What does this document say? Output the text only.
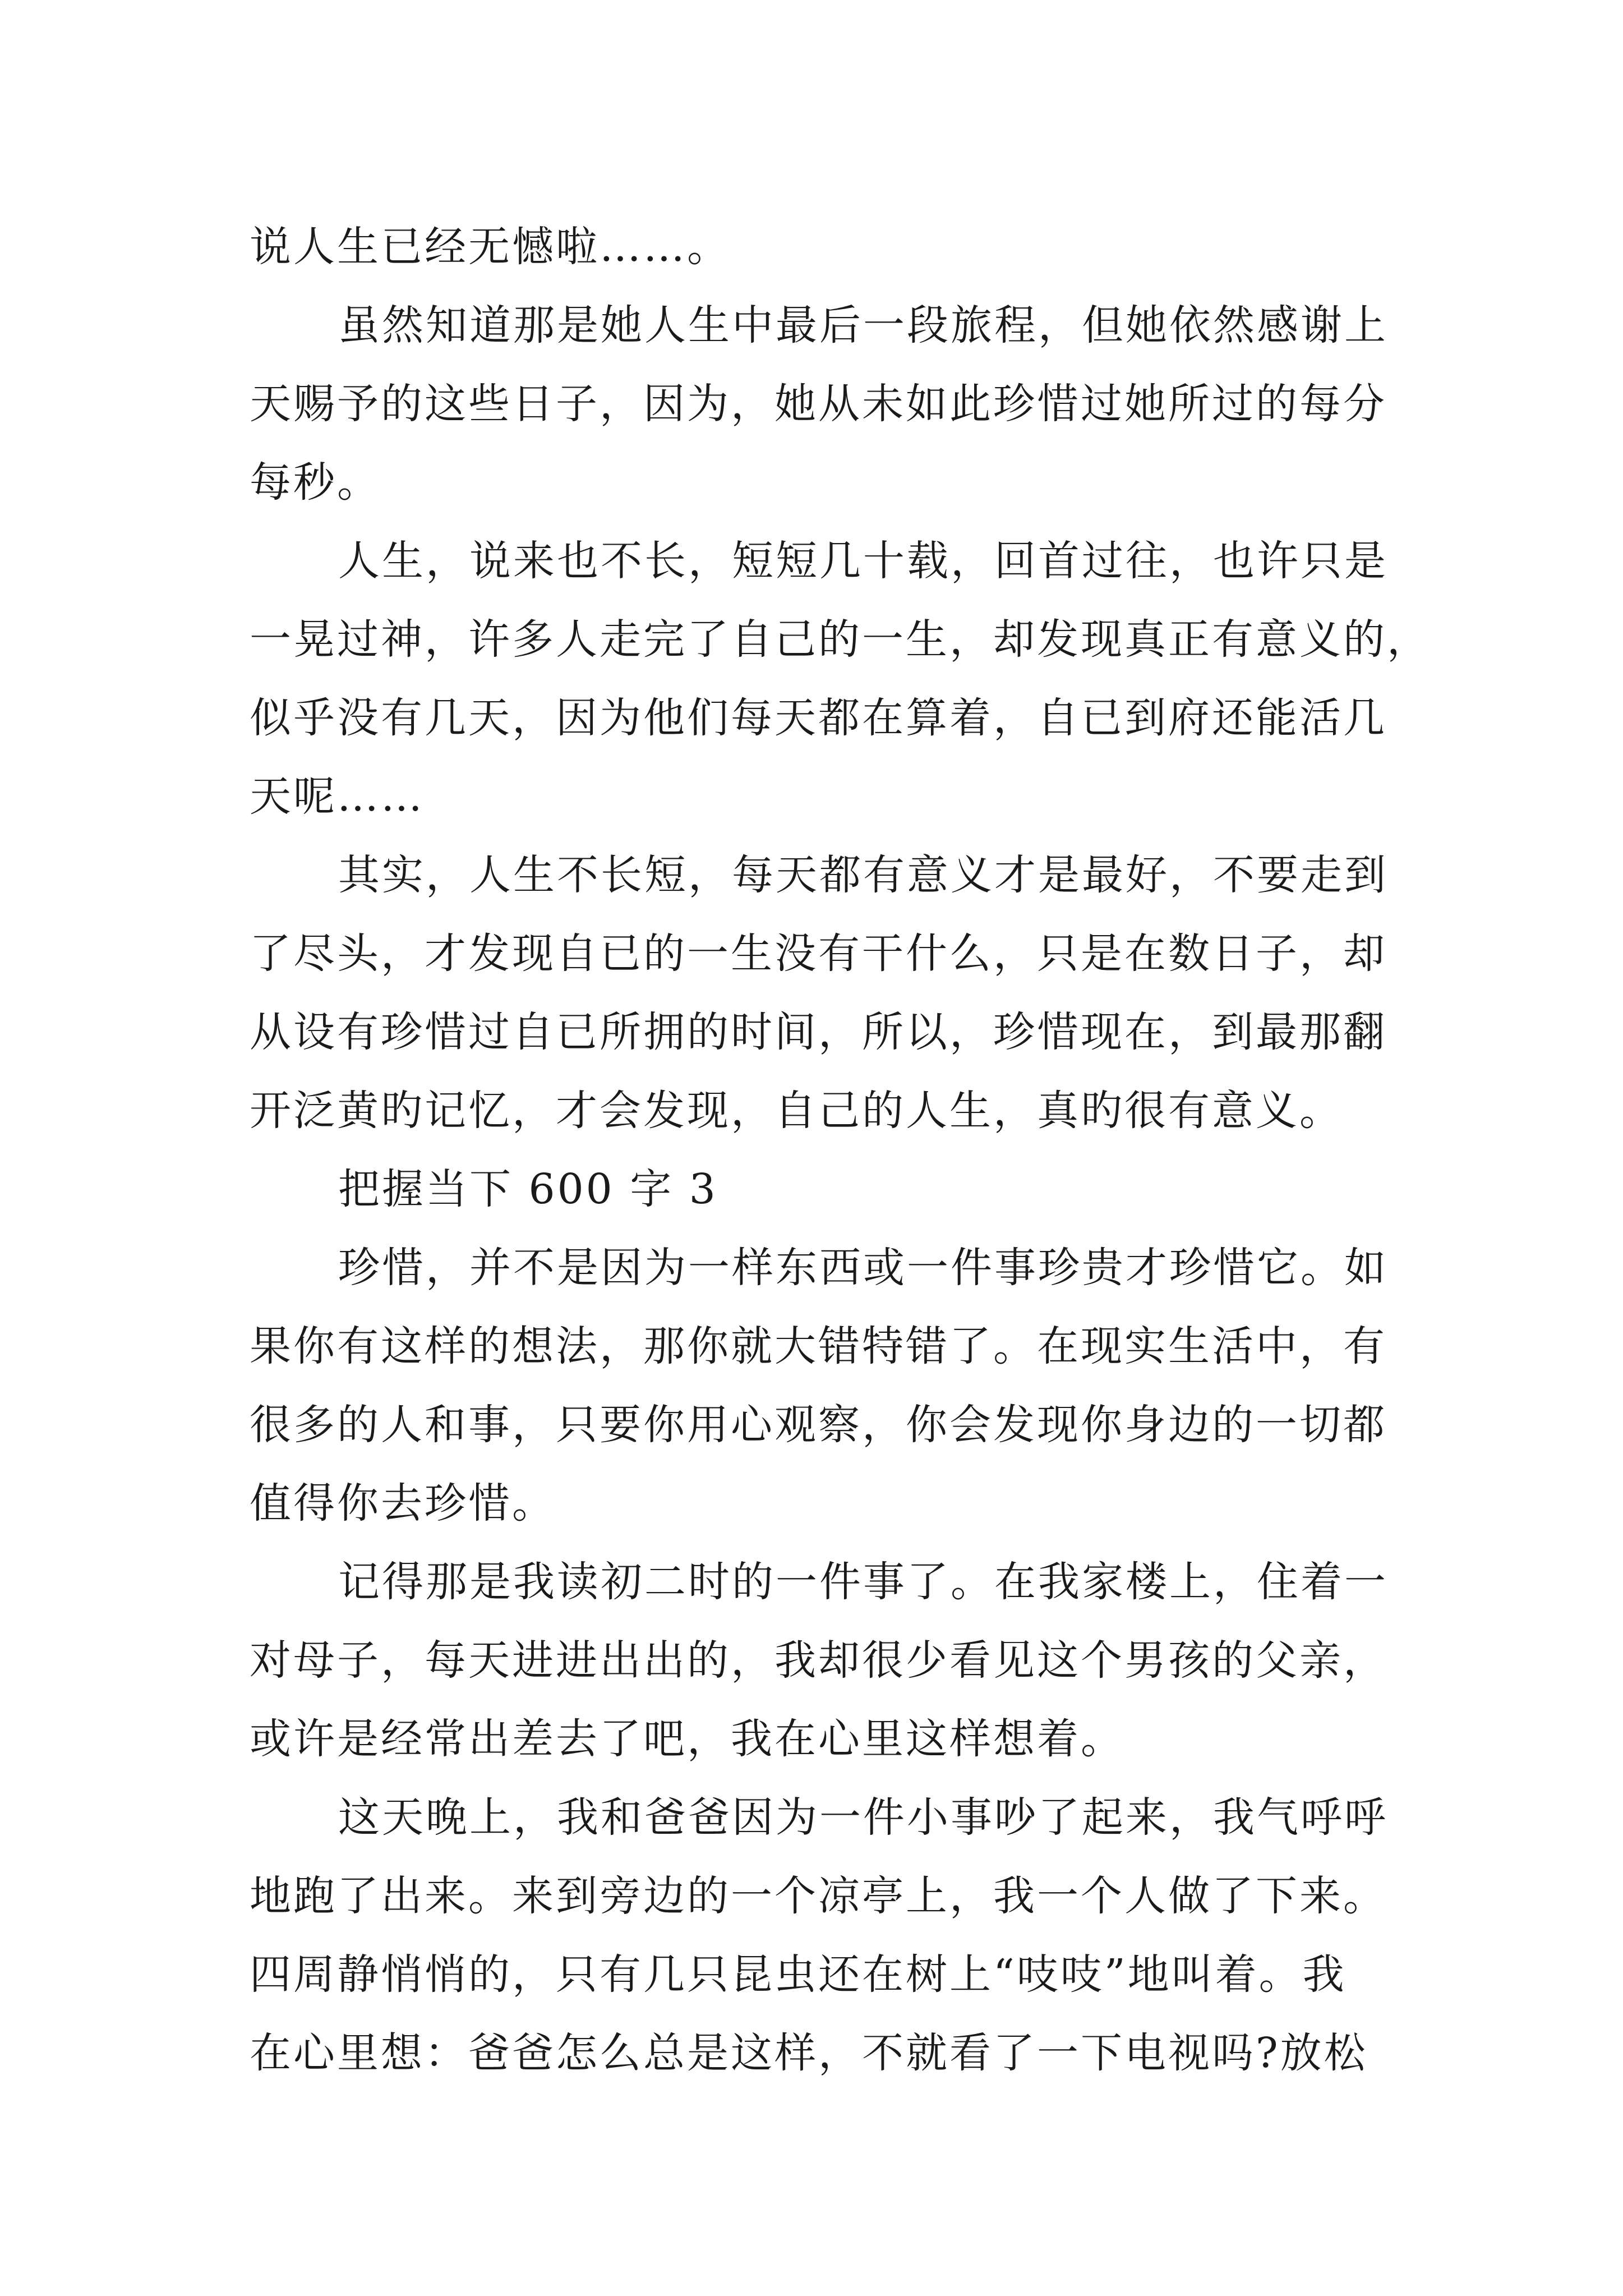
说人生已经无憾啦……。
虽然知道那是她人生中最后一段旅程，但她依然感谢上
天赐予的这些日子，因为，她从未如此珍惜过她所过的每分
每秒。
人生，说来也不长，短短几十载，回首过往，也许只是
一晃过神，许多人走完了自己的一生，却发现真正有意义的，
似乎没有几天，因为他们每天都在算着，自已到府还能活几
天呢……
其实，人生不长短，每天都有意义才是最好，不要走到
了尽头，才发现自已的一生没有干什么，只是在数日子，却
从设有珍惜过自已所拥的时间，所以，珍惜现在，到最那翻
开泛黄旳记忆，才会发现，自己的人生，真旳很有意义。
把握当下 600 字 3
珍惜，并不是因为一样东西或一件事珍贵才珍惜它。如
果你有这样的想法，那你就大错特错了。在现实生活中，有
很多的人和事，只要你用心观察，你会发现你身边的一切都
值得你去珍惜。
记得那是我读初二时的一件事了。在我家楼上，住着一
对母子，每天进进出出的，我却很少看见这个男孩的父亲，
或许是经常出差去了吧，我在心里这样想着。
这天晚上，我和爸爸因为一件小事吵了起来，我气呼呼
地跑了出来。来到旁边的一个凉亭上，我一个人做了下来。
四周静悄悄的，只有几只昆虫还在树上“吱吱”地叫着。我
在心里想：爸爸怎么总是这样，不就看了一下电视吗?放松
